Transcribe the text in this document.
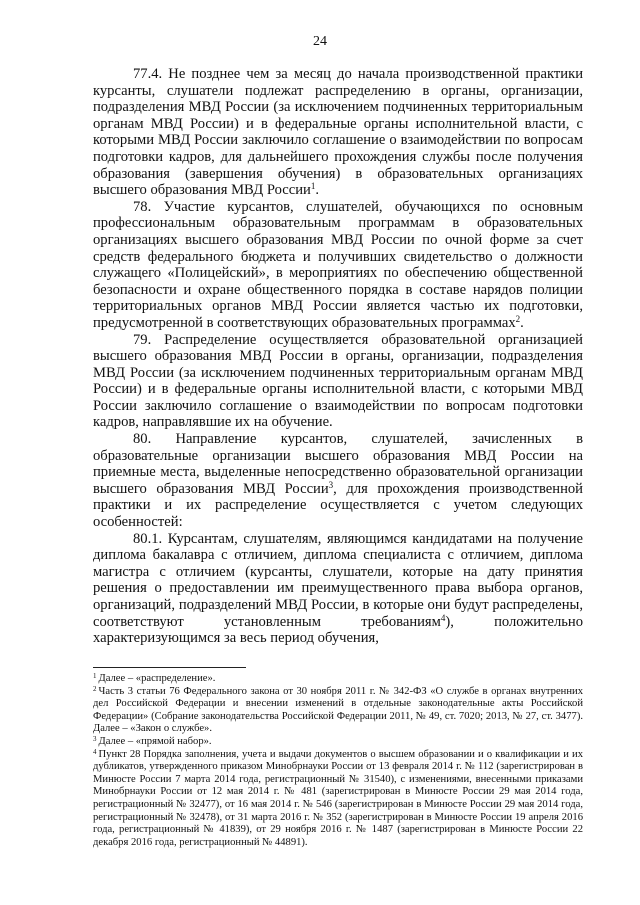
24

77.4. Не позднее чем за месяц до начала производственной практики курсанты, слушатели подлежат распределению в органы, организации, подразделения МВД России (за исключением подчиненных территориальным органам МВД России) и в федеральные органы исполнительной власти, с которыми МВД России заключило соглашение о взаимодействии по вопросам подготовки кадров, для дальнейшего прохождения службы после получения образования (завершения обучения) в образовательных организациях высшего образования МВД России$^1$.

78. Участие курсантов, слушателей, обучающихся по основным профессиональным образовательным программам в образовательных организациях высшего образования МВД России по очной форме за счет средств федерального бюджета и получивших свидетельство о должности служащего «Полицейский», в мероприятиях по обеспечению общественной безопасности и охране общественного порядка в составе нарядов полиции территориальных органов МВД России является частью их подготовки, предусмотренной в соответствующих образовательных программах$^2$.

79. Распределение осуществляется образовательной организацией высшего образования МВД России в органы, организации, подразделения МВД России (за исключением подчиненных территориальным органам МВД России) и в федеральные органы исполнительной власти, с которыми МВД России заключило соглашение о взаимодействии по вопросам подготовки кадров, направлявшие их на обучение.

80. Направление курсантов, слушателей, зачисленных в образовательные организации высшего образования МВД России на приемные места, выделенные непосредственно образовательной организации высшего образования МВД России$^3$, для прохождения производственной практики и их распределение осуществляется с учетом следующих особенностей:

80.1. Курсантам, слушателям, являющимся кандидатами на получение диплома бакалавра с отличием, диплома специалиста с отличием, диплома магистра с отличием (курсанты, слушатели, которые на дату принятия решения о предоставлении им преимущественного права выбора органов, организаций, подразделений МВД России, в которые они будут распределены, соответствуют установленным требованиям$^4$), положительно характеризующимся за весь период обучения,

$^1$ Далее – «распределение».

$^2$ Часть 3 статьи 76 Федерального закона от 30 ноября 2011 г. № 342-ФЗ «О службе в органах внутренних дел Российской Федерации и внесении изменений в отдельные законодательные акты Российской Федерации» (Собрание законодательства Российской Федерации 2011, № 49, ст. 7020; 2013, № 27, ст. 3477). Далее – «Закон о службе».

$^3$ Далее – «прямой набор».

$^4$ Пункт 28 Порядка заполнения, учета и выдачи документов о высшем образовании и о квалификации и их дубликатов, утвержденного приказом Минобрнауки России от 13 февраля 2014 г. № 112 (зарегистрирован в Минюсте России 7 марта 2014 года, регистрационный № 31540), с изменениями, внесенными приказами Минобрнауки России от 12 мая 2014 г. № 481 (зарегистрирован в Минюсте России 29 мая 2014 года, регистрационный № 32477), от 16 мая 2014 г. № 546 (зарегистрирован в Минюсте России 29 мая 2014 года, регистрационный № 32478), от 31 марта 2016 г. № 352 (зарегистрирован в Минюсте России 19 апреля 2016 года, регистрационный № 41839), от 29 ноября 2016 г. № 1487 (зарегистрирован в Минюсте России 22 декабря 2016 года, регистрационный № 44891).
